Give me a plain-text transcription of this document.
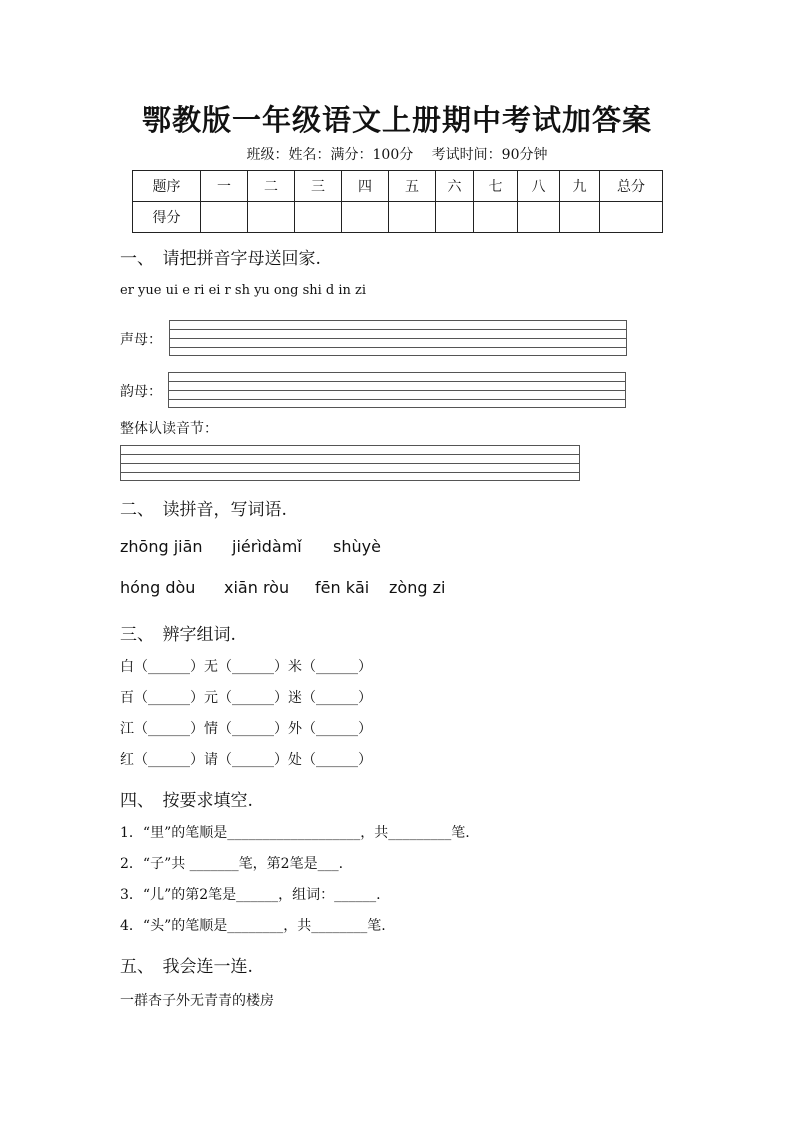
鄂教版一年级语文上册期中考试加答案
班级：姓名：满分：100分　 考试时间：90分钟
题序	一	二	三	四	五	六	七	八	九	总分
得分										
一、　请把拼音字母送回家.
er yue ui e ri ei r sh yu ong shi d in zi
声母：
韵母：
整体认读音节：
二、　读拼音，写词语.
zhōng jiān jiérìdàmǐ shùyè
hóng dòu xiān ròu fēn kāi zòng zi
三、　辨字组词.
白（______）无（______）米（______）
百（______）元（______）迷（______）
江（______）情（______）外（______）
红（______）请（______）处（______）
四、　按要求填空.
1．“里”的笔顺是___________________，共_________笔.
2．“子”共 _______笔，第2笔是___.
3．“儿”的第2笔是______，组词：______.
4．“头”的笔顺是________，共________笔.
五、　我会连一连.
一群杏子外无青青的楼房
